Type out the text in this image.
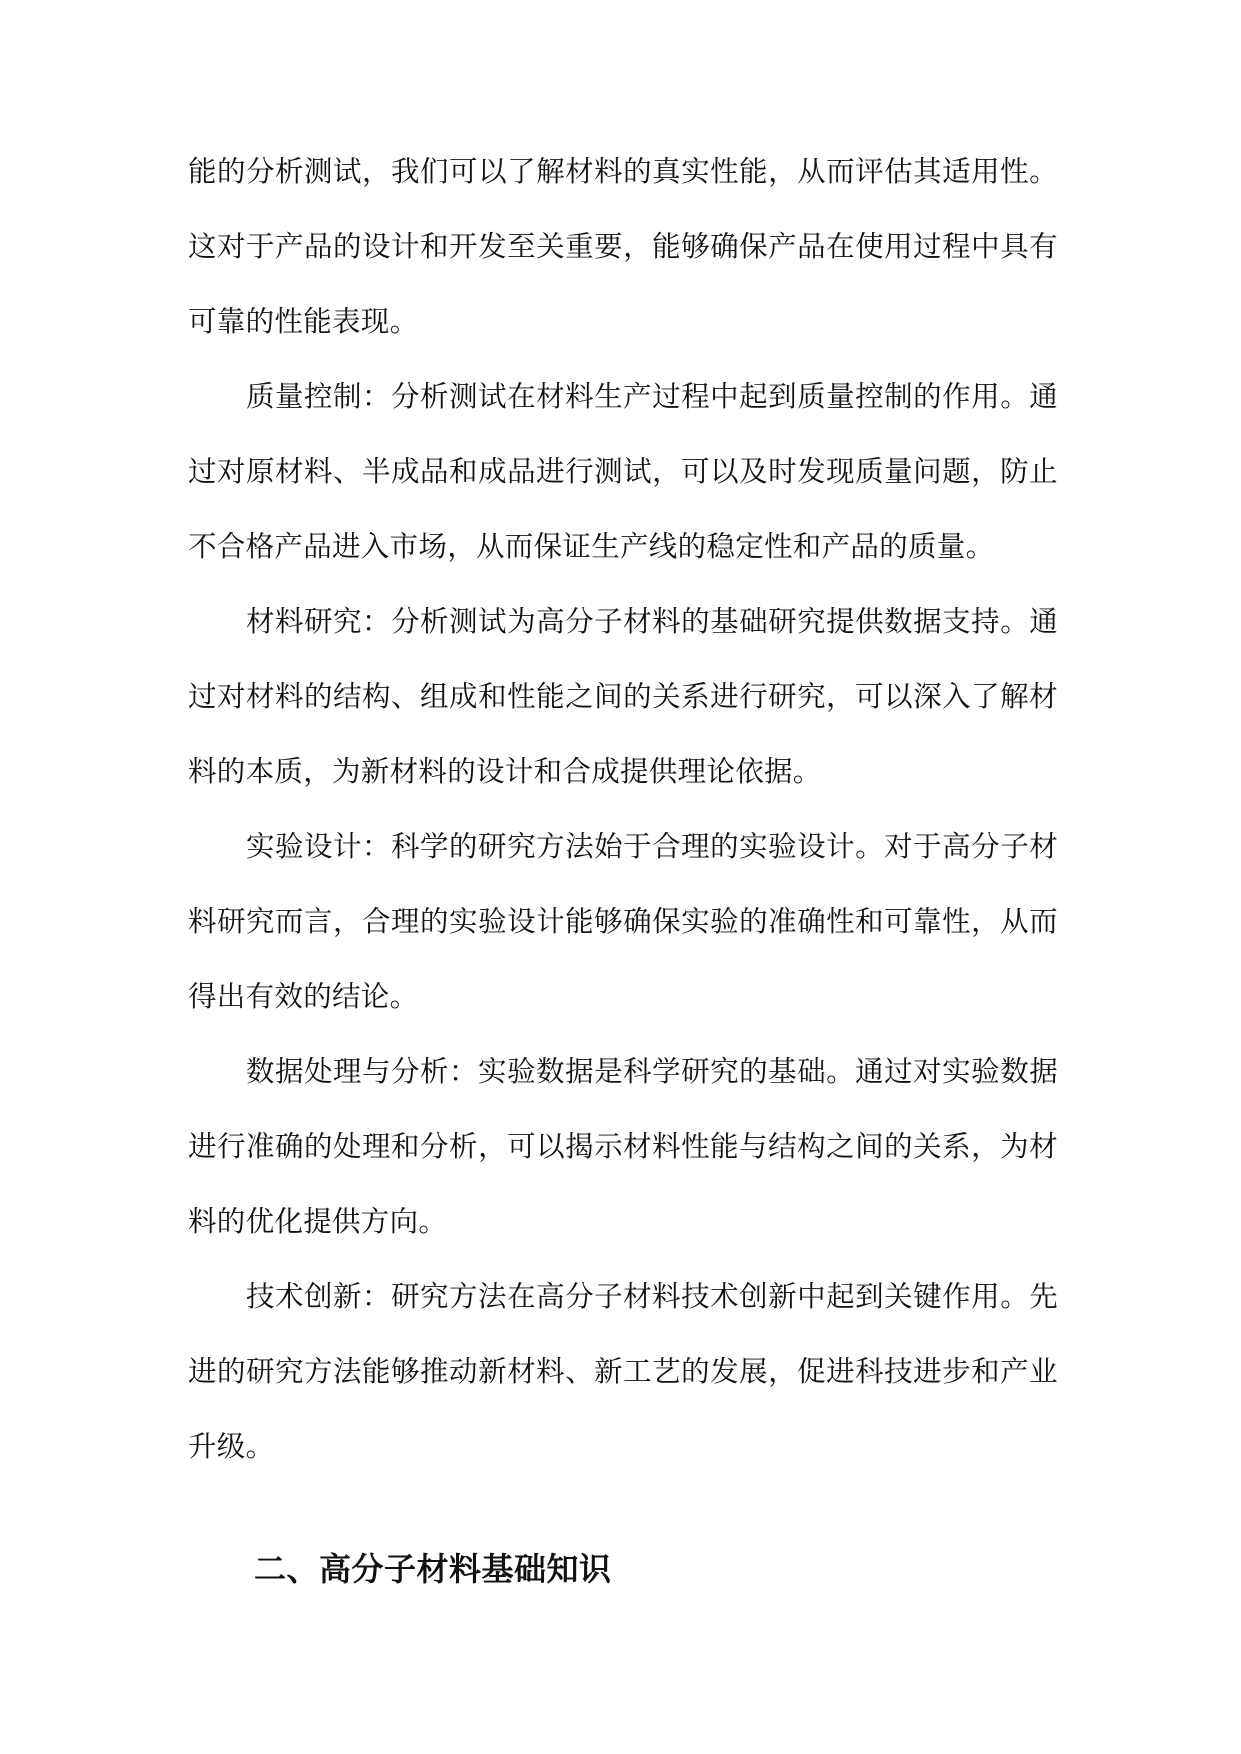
能的分析测试，我们可以了解材料的真实性能，从而评估其适用性。这对于产品的设计和开发至关重要，能够确保产品在使用过程中具有可靠的性能表现。

质量控制：分析测试在材料生产过程中起到质量控制的作用。通过对原材料、半成品和成品进行测试，可以及时发现质量问题，防止不合格产品进入市场，从而保证生产线的稳定性和产品的质量。

材料研究：分析测试为高分子材料的基础研究提供数据支持。通过对材料的结构、组成和性能之间的关系进行研究，可以深入了解材料的本质，为新材料的设计和合成提供理论依据。

实验设计：科学的研究方法始于合理的实验设计。对于高分子材料研究而言，合理的实验设计能够确保实验的准确性和可靠性，从而得出有效的结论。

数据处理与分析：实验数据是科学研究的基础。通过对实验数据进行准确的处理和分析，可以揭示材料性能与结构之间的关系，为材料的优化提供方向。

技术创新：研究方法在高分子材料技术创新中起到关键作用。先进的研究方法能够推动新材料、新工艺的发展，促进科技进步和产业升级。

二、高分子材料基础知识
